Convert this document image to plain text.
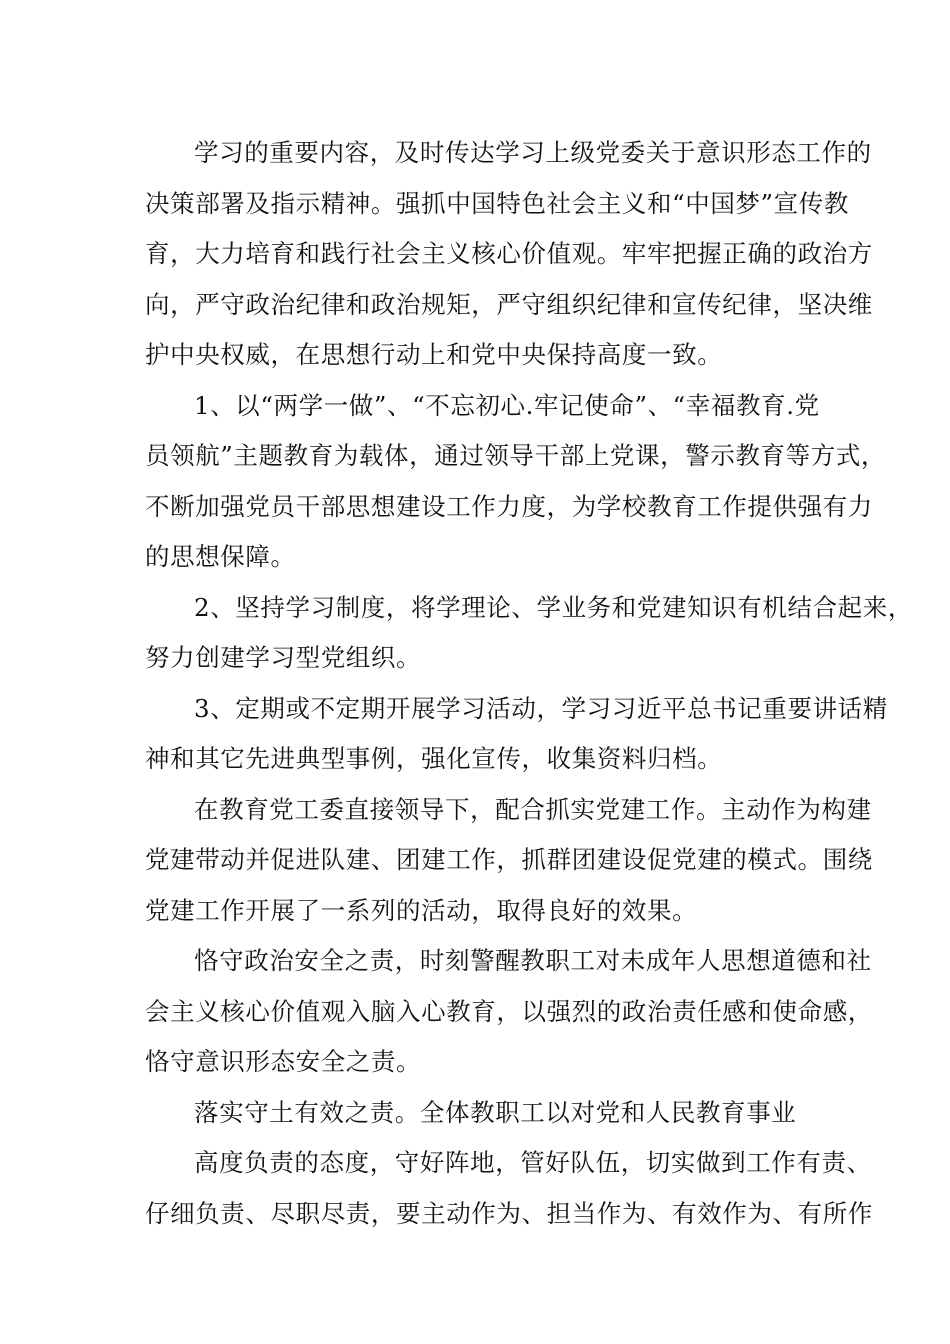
学习的重要内容，及时传达学习上级党委关于意识形态工作的
决策部署及指示精神。强抓中国特色社会主义和“中国梦”宣传教
育，大力培育和践行社会主义核心价值观。牢牢把握正确的政治方
向，严守政治纪律和政治规矩，严守组织纪律和宣传纪律，坚决维
护中央权威，在思想行动上和党中央保持高度一致。
1、以“两学一做”、“不忘初心.牢记使命”、“幸福教育.党
员领航”主题教育为载体，通过领导干部上党课，警示教育等方式，
不断加强党员干部思想建设工作力度，为学校教育工作提供强有力
的思想保障。
2、坚持学习制度，将学理论、学业务和党建知识有机结合起来，
努力创建学习型党组织。
3、定期或不定期开展学习活动，学习习近平总书记重要讲话精
神和其它先进典型事例，强化宣传，收集资料归档。
在教育党工委直接领导下，配合抓实党建工作。主动作为构建
党建带动并促进队建、团建工作，抓群团建设促党建的模式。围绕
党建工作开展了一系列的活动，取得良好的效果。
恪守政治安全之责，时刻警醒教职工对未成年人思想道德和社
会主义核心价值观入脑入心教育，以强烈的政治责任感和使命感，
恪守意识形态安全之责。
落实守土有效之责。全体教职工以对党和人民教育事业
高度负责的态度，守好阵地，管好队伍，切实做到工作有责、
仔细负责、尽职尽责，要主动作为、担当作为、有效作为、有所作
